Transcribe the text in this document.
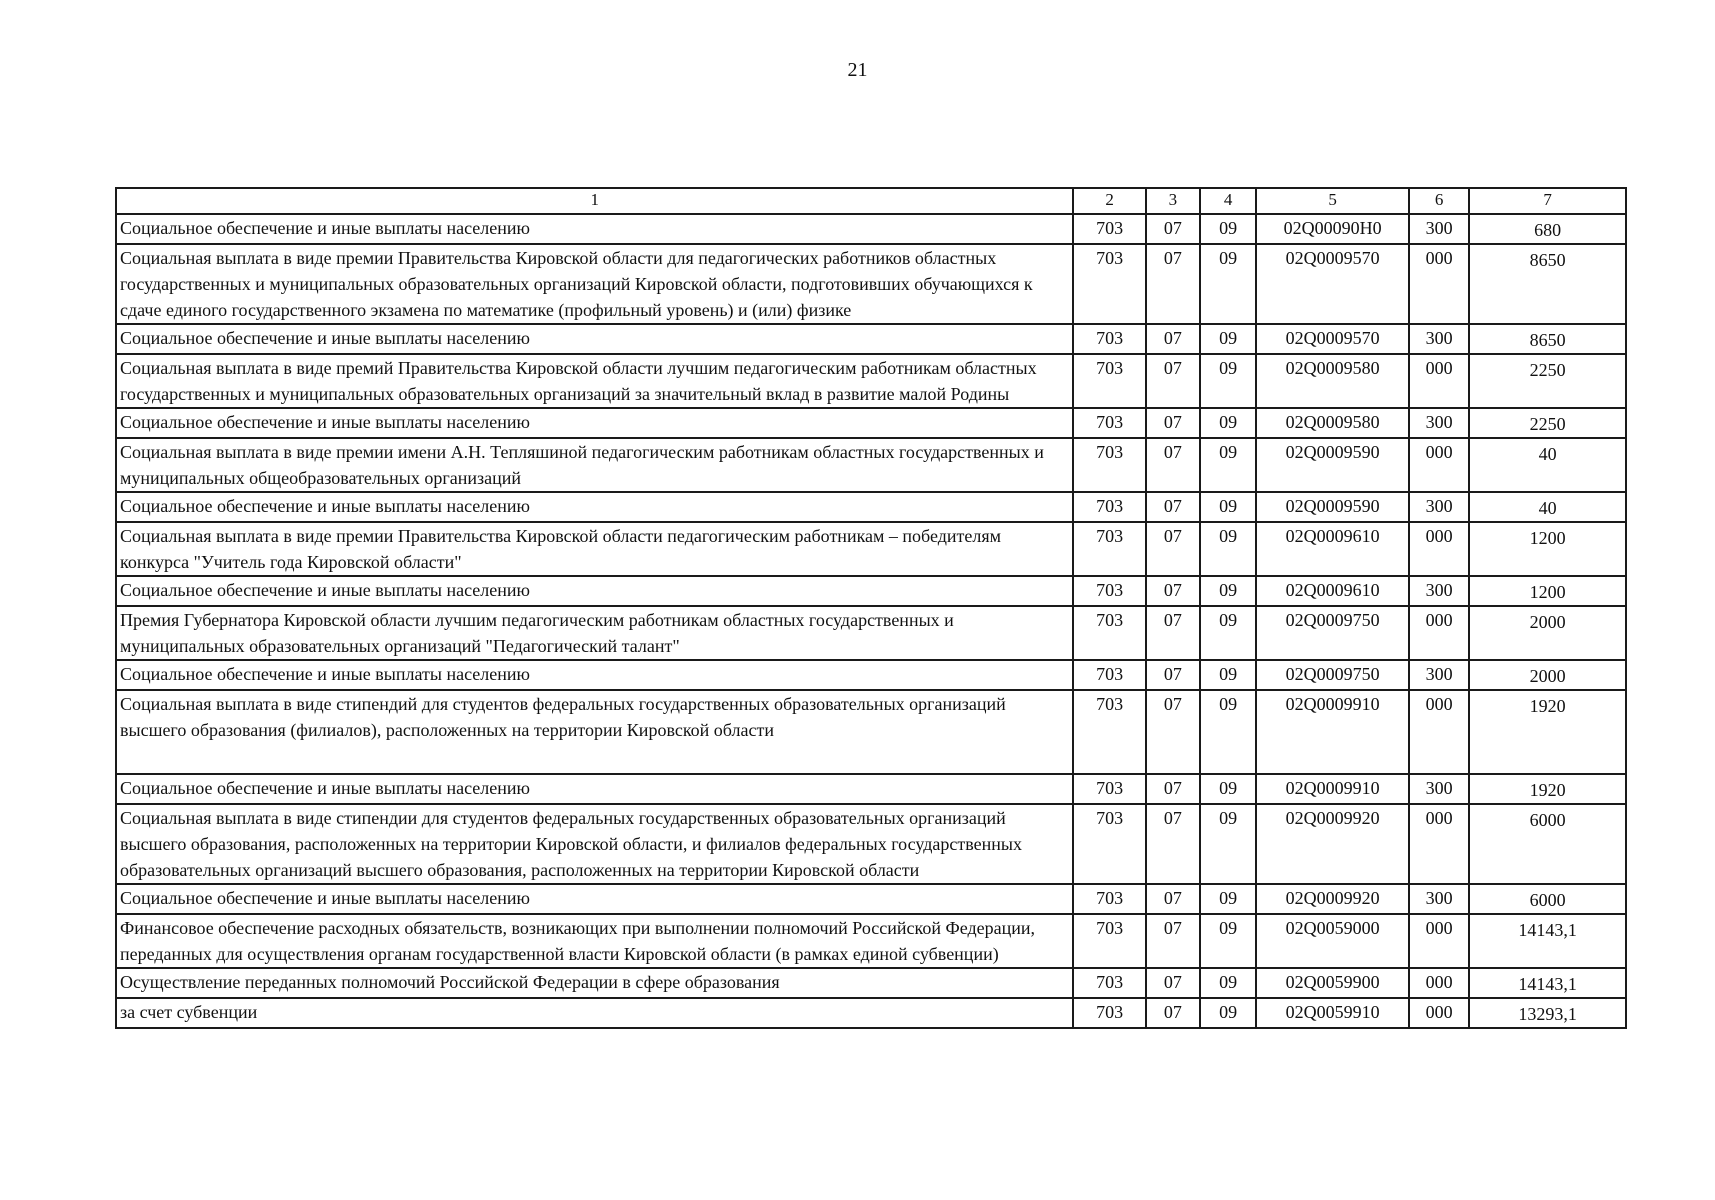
21
1	2	3	4	5	6	7
Социальное обеспечение и иные выплаты населению	703	07	09	02Q00090H0	300	680
Социальная выплата в виде премии Правительства Кировской области для педагогических работников областных государственных и муниципальных образовательных организаций Кировской области, подготовивших обучающихся к сдаче единого государственного экзамена по математике (профильный уровень) и (или) физике	703	07	09	02Q0009570	000	8650
Социальное обеспечение и иные выплаты населению	703	07	09	02Q0009570	300	8650
Социальная выплата в виде премий Правительства Кировской области лучшим педагогическим работникам областных государственных и муниципальных образовательных организаций за значительный вклад в развитие малой Родины	703	07	09	02Q0009580	000	2250
Социальное обеспечение и иные выплаты населению	703	07	09	02Q0009580	300	2250
Социальная выплата в виде премии имени А.Н. Тепляшиной педагогическим работникам областных государственных и муниципальных общеобразовательных организаций	703	07	09	02Q0009590	000	40
Социальное обеспечение и иные выплаты населению	703	07	09	02Q0009590	300	40
Социальная выплата в виде премии Правительства Кировской области педагогическим работникам – победителям конкурса "Учитель года Кировской области"	703	07	09	02Q0009610	000	1200
Социальное обеспечение и иные выплаты населению	703	07	09	02Q0009610	300	1200
Премия Губернатора Кировской области лучшим педагогическим работникам областных государственных и муниципальных образовательных организаций "Педагогический талант"	703	07	09	02Q0009750	000	2000
Социальное обеспечение и иные выплаты населению	703	07	09	02Q0009750	300	2000
Социальная выплата в виде стипендий для студентов федеральных государственных образовательных организаций высшего образования (филиалов), расположенных на территории Кировской области	703	07	09	02Q0009910	000	1920
Социальное обеспечение и иные выплаты населению	703	07	09	02Q0009910	300	1920
Социальная выплата в виде стипендии для студентов федеральных государственных образовательных организаций высшего образования, расположенных на территории Кировской области, и филиалов федеральных государственных образовательных организаций высшего образования, расположенных на территории Кировской области	703	07	09	02Q0009920	000	6000
Социальное обеспечение и иные выплаты населению	703	07	09	02Q0009920	300	6000
Финансовое обеспечение расходных обязательств, возникающих при выполнении полномочий Российской Федерации, переданных для осуществления органам государственной власти Кировской области (в рамках единой субвенции)	703	07	09	02Q0059000	000	14143,1
Осуществление переданных полномочий Российской Федерации в сфере образования	703	07	09	02Q0059900	000	14143,1
за счет субвенции	703	07	09	02Q0059910	000	13293,1
